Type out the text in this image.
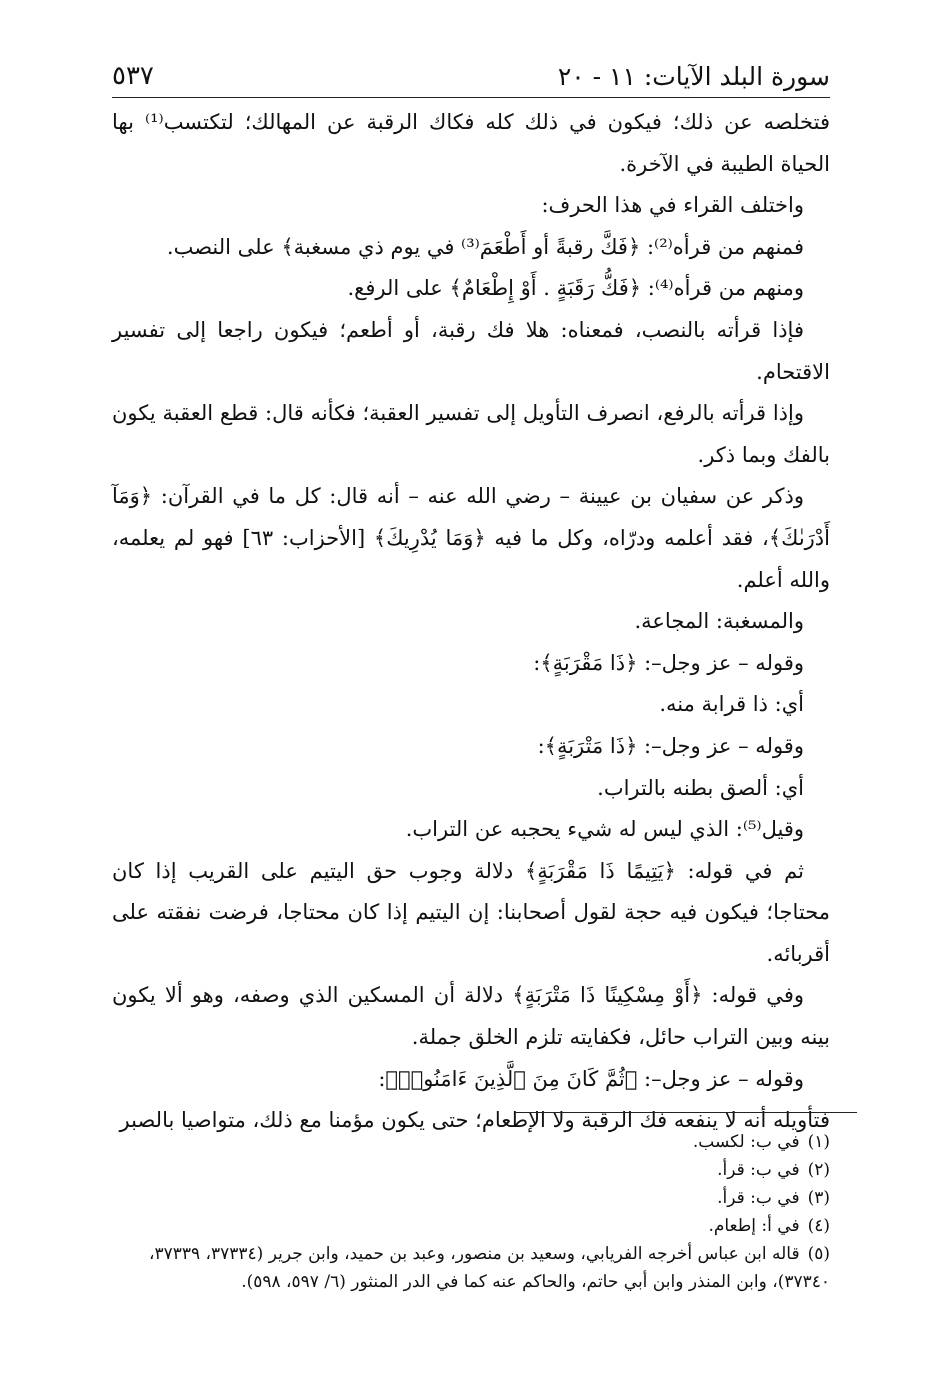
سورة البلد الآيات: ١١ - ٢٠
٥٣٧

فتخلصه عن ذلك؛ فيكون في ذلك كله فكاك الرقبة عن المهالك؛ لتكتسب⁽¹⁾ بها الحياة الطيبة في الآخرة.

واختلف القراء في هذا الحرف:

فمنهم من قرأه⁽²⁾: ﴿فَكَّ رقبةً أو أَطْعَمَ⁽³⁾ في يوم ذي مسغبة﴾ على النصب.

ومنهم من قرأه⁽⁴⁾: ﴿فَكُّ رَقَبَةٍ . أَوْ إِطْعَامٌ﴾ على الرفع.

فإذا قرأته بالنصب، فمعناه: هلا فك رقبة، أو أطعم؛ فيكون راجعا إلى تفسير الاقتحام.

وإذا قرأته بالرفع، انصرف التأويل إلى تفسير العقبة؛ فكأنه قال: قطع العقبة يكون بالفك وبما ذكر.

وذكر عن سفيان بن عيينة – رضي الله عنه – أنه قال: كل ما في القرآن: ﴿وَمَآ أَدْرَىٰكَ﴾، فقد أعلمه ودرّاه، وكل ما فيه ﴿وَمَا يُدْرِيكَ﴾ [الأحزاب: ٦٣] فهو لم يعلمه، والله أعلم.

والمسغبة: المجاعة.

وقوله – عز وجل–: ﴿ذَا مَقْرَبَةٍ﴾:

أي: ذا قرابة منه.

وقوله – عز وجل–: ﴿ذَا مَتْرَبَةٍ﴾:

أي: ألصق بطنه بالتراب.

وقيل⁽⁵⁾: الذي ليس له شيء يحجبه عن التراب.

ثم في قوله: ﴿يَتِيمًا ذَا مَقْرَبَةٍ﴾ دلالة وجوب حق اليتيم على القريب إذا كان محتاجا؛ فيكون فيه حجة لقول أصحابنا: إن اليتيم إذا كان محتاجا، فرضت نفقته على أقربائه.

وفي قوله: ﴿أَوْ مِسْكِينًا ذَا مَتْرَبَةٍ﴾ دلالة أن المسكين الذي وصفه، وهو ألا يكون بينه وبين التراب حائل، فكفايته تلزم الخلق جملة.

وقوله – عز وجل–: ﴿ثُمَّ كَانَ مِنَ ٱلَّذِينَ ءَامَنُوا۟﴾:

فتأويله أنه لا ينفعه فك الرقبة ولا الإطعام؛ حتى يكون مؤمنا مع ذلك، متواصيا بالصبر

(١)في ب: لكسب.

(٢)في ب: قرأ.

(٣)في ب: قرأ.

(٤)في أ: إطعام.

(٥)قاله ابن عباس أخرجه الفريابي، وسعيد بن منصور، وعبد بن حميد، وابن جرير (٣٧٣٣٤، ٣٧٣٣٩، ٣٧٣٤٠)، وابن المنذر وابن أبي حاتم، والحاكم عنه كما في الدر المنثور (٦/ ٥٩٧، ٥٩٨).
